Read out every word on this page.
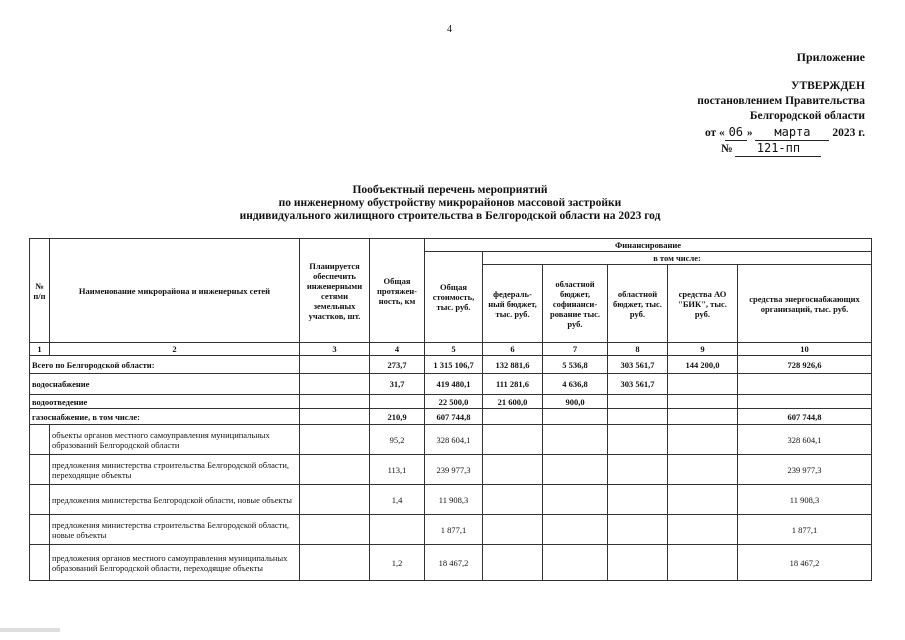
4
Приложение
УТВЕРЖДЕН
постановлением Правительства
Белгородской области
от « 06 » марта 2023 г.
№ 121-пп
Пообъектный перечень мероприятий
по инженерному обустройству микрорайонов массовой застройки
индивидуального жилищного строительства в Белгородской области на 2023 год
№ п/п	Наименование микрорайона и инженерных сетей	Планируется обеспечить инженерными сетями земельных участков, шт.	Общая протяжен-ность, км	Финансирование					
				Общая стоимость, тыс. руб.	в том числе:				
					федераль-ный бюджет, тыс. руб.	областной бюджет, софинанси-рование тыс. руб.	областной бюджет, тыс. руб.	средства АО "БИК", тыс. руб.	средства энергоснабжающих организаций, тыс. руб.
1	2	3	4	5	6	7	8	9	10
Всего по Белгородской области:			273,7	1 315 106,7	132 881,6	5 536,8	303 561,7	144 200,0	728 926,6
водоснабжение			31,7	419 480,1	111 281,6	4 636,8	303 561,7		
водоотведение				22 500,0	21 600,0	900,0			
газоснабжение, в том числе:			210,9	607 744,8					607 744,8
	объекты органов местного самоуправления муниципальных образований Белгородской области		95,2	328 604,1					328 604,1
	предложения министерства строительства Белгородской области, переходящие объекты		113,1	239 977,3					239 977,3
	предложения министерства Белгородской области, новые объекты		1,4	11 908,3					11 908,3
	предложения министерства строительства Белгородской области, новые объекты			1 877,1					1 877,1
	предложения органов местного самоуправления муниципальных образований Белгородской области, переходящие объекты		1,2	18 467,2					18 467,2
